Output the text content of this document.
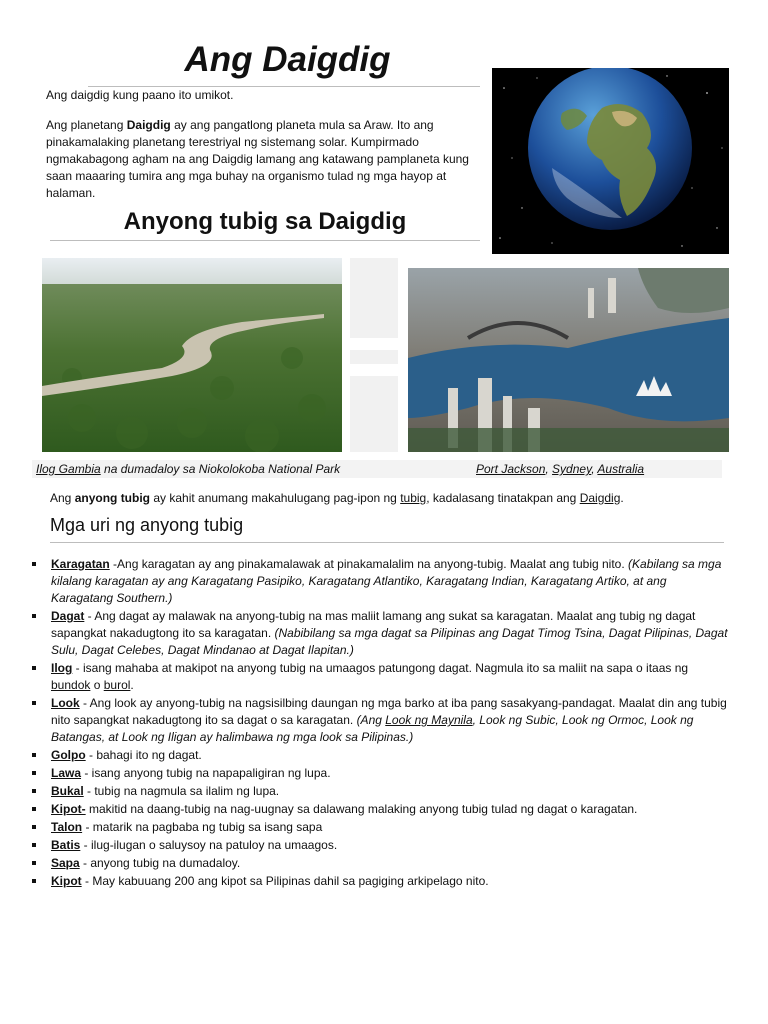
Ang Daigdig
Ang daigdig kung paano ito umikot.
Ang planetang Daigdig ay ang pangatlong planeta mula sa Araw. Ito ang pinakamalaking planetang terestriyal ng sistemang solar. Kumpirmado ngmakabagong agham na ang Daigdig lamang ang katawang pamplaneta kung saan maaaring tumira ang mga buhay na organismo tulad ng mga hayop at halaman.
Anyong tubig sa Daigdig
Ilog Gambia na dumadaloy sa Niokolokoba National Park	Port Jackson, Sydney, Australia
Ang anyong tubig ay kahit anumang makahulugang pag-ipon ng tubig, kadalasang tinatakpan ang Daigdig.
Mga uri ng anyong tubig
Karagatan -Ang karagatan ay ang pinakamalawak at pinakamalalim na anyong-tubig. Maalat ang tubig nito. (Kabilang sa mga kilalang karagatan ay ang Karagatang Pasipiko, Karagatang Atlantiko, Karagatang Indian, Karagatang Artiko, at ang Karagatang Southern.)
Dagat - Ang dagat ay malawak na anyong-tubig na mas maliit lamang ang sukat sa karagatan. Maalat ang tubig ng dagat sapangkat nakadugtong ito sa karagatan. (Nabibilang sa mga dagat sa Pilipinas ang Dagat Timog Tsina, Dagat Pilipinas, Dagat Sulu, Dagat Celebes, Dagat Mindanao at Dagat Ilapitan.)
Ilog - isang mahaba at makipot na anyong tubig na umaagos patungong dagat. Nagmula ito sa maliit na sapa o itaas ng bundok o burol.
Look - Ang look ay anyong-tubig na nagsisilbing daungan ng mga barko at iba pang sasakyang-pandagat. Maalat din ang tubig nito sapangkat nakadugtong ito sa dagat o sa karagatan. (Ang Look ng Maynila, Look ng Subic, Look ng Ormoc, Look ng Batangas, at Look ng Iligan ay halimbawa ng mga look sa Pilipinas.)
Golpo - bahagi ito ng dagat.
Lawa - isang anyong tubig na napapaligiran ng lupa.
Bukal - tubig na nagmula sa ilalim ng lupa.
Kipot- makitid na daang-tubig na nag-uugnay sa dalawang malaking anyong tubig tulad ng dagat o karagatan.
Talon - matarik na pagbaba ng tubig sa isang sapa
Batis - ilug-ilugan o saluysoy na patuloy na umaagos.
Sapa - anyong tubig na dumadaloy.
Kipot - May kabuuang 200 ang kipot sa Pilipinas dahil sa pagiging arkipelago nito.
